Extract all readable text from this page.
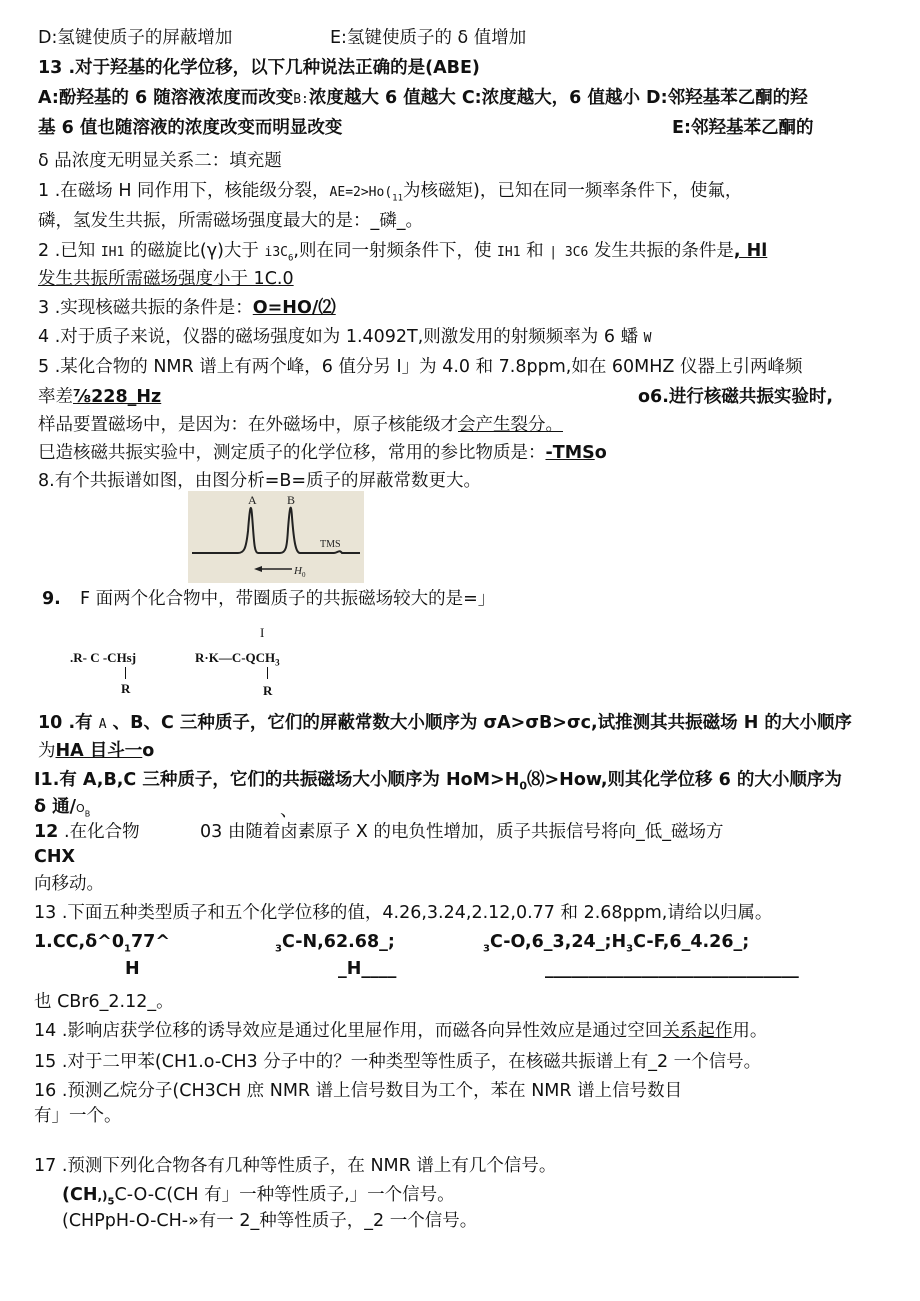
D:氢键使质子的屏蔽增加	E:氢键使质子的 δ 值增加
13 .对于羟基的化学位移，以下几种说法正确的是(ABE)
A:酚羟基的 6 随溶液浓度而改变B:浓度越大 6 值越大 C:浓度越大，6 值越小 D:邻羟基苯乙酮的羟
基 6 值也随溶液的浓度改变而明显改变	E:邻羟基苯乙酮的
δ 品浓度无明显关系二：填充题
1 .在磁场 H 同作用下，核能级分裂，$AE=2>Ho(_{11}$为核磁矩)，已知在同一频率条件下，使氟，
磷，氢发生共振，所需磁场强度最大的是：_磷_。
2 .已知 IH1 的磁旋比(γ)大于 $i3C_6$,则在同一射频条件下，使 IH1 和 | 3C6 发生共振的条件是, Hl
发生共振所需磁场强度小于 1C.0
3 .实现核磁共振的条件是：O=HO/⑵
4 .对于质子来说，仪器的磁场强度如为 1.4092T,则激发用的射频频率为 6 蟠 W
5 .某化合物的 NMR 谱上有两个峰，6 值分另 I」为 4.0 和 7.8ppm,如在 60MHZ 仪器上引两峰频
率差⅞228_Hz	o6.进行核磁共振实验时,
样品要置磁场中，是因为：在外磁场中，原子核能级才会产生裂分。
巳造核磁共振实验中，测定质子的化学位移，常用的参比物质是：-TMSo
8.有个共振谱如图，由图分析=B=质子的屏蔽常数更大。
A	B
TMS
H 0
9. F 面两个化合物中，带圈质子的共振磁场较大的是=」
I
.R- C -CHsj
R
$R\cdot K—C-QCH_3$
R
10 .有 A 、B、C 三种质子，它们的屏蔽常数大小顺序为 σA>σB>σc,试推测其共振磁场 H 的大小顺序
为HA 目斗一o
I1.有 A,B,C 三种质子，它们的共振磁场大小顺序为 $HoM>H_0⑻>How$,则其化学位移 6 的大小顺序为
δ 通$/O_B$	、
12 .在化合物	03 由随着卤素原子 X 的电负性增加，质子共振信号将向_低_磁场方
CHX
向移动。
13 .下面五种类型质子和五个化学位移的值，4.26,3.24,2.12,0.77 和 2.68ppm,请给以归属。
$1.CC,\delta\^{}0_177\^{}$	$_3$C-N,62.68_;	$_3C-O,6\_3,24\_;H_3C-F,6\_4.26\_$;
H	_H____	_____________________________
也 CBr6_2.12_。
14 .影响店获学位移的诱导效应是通过化里屉作用，而磁各向异性效应是通过空回关系起作用。
15 .对于二甲苯(CH1.o-CH3 分子中的？一种类型等性质子，在核磁共振谱上有_2 一个信号。
16 .预测乙烷分子(CH3CH 庶 NMR 谱上信号数目为工个，苯在 NMR 谱上信号数目
有」一个。
17 .预测下列化合物各有几种等性质子，在 NMR 谱上有几个信号。
$(CH,)_5C-O-C(CH$ 有」一种等性质子,」一个信号。
(CHPpH-O-CH-»有一 2_种等性质子，_2 一个信号。
